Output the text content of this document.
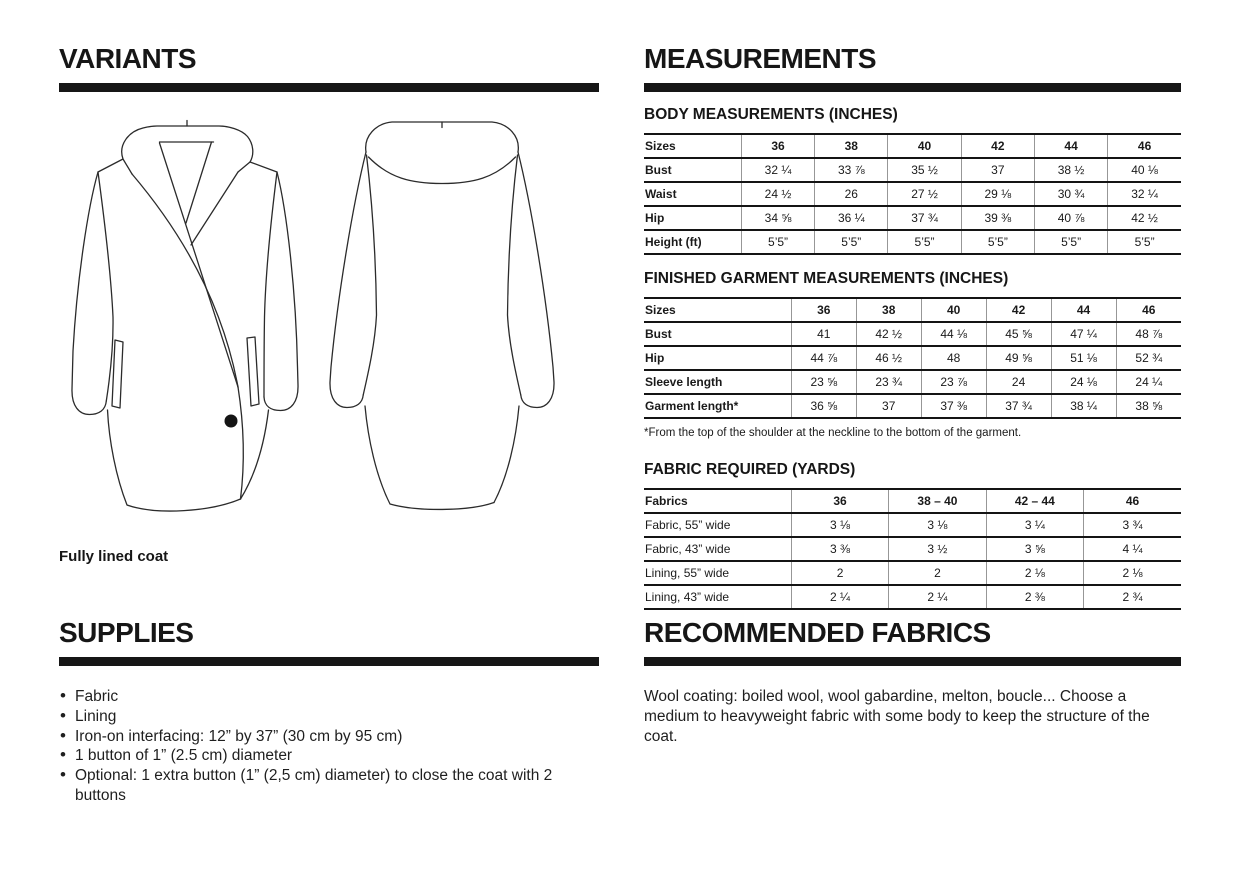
VARIANTS
Fully lined coat
MEASUREMENTS
BODY MEASUREMENTS (INCHES)
Sizes	36	38	40	42	44	46
Bust	32 ¼	33 ⅞	35 ½	37	38 ½	40 ⅛
Waist	24 ½	26	27 ½	29 ⅛	30 ¾	32 ¼
Hip	34 ⅝	36 ¼	37 ¾	39 ⅜	40 ⅞	42 ½
Height (ft)	5’5”	5’5”	5’5”	5’5”	5’5”	5’5”
FINISHED GARMENT MEASUREMENTS (INCHES)
Sizes	36	38	40	42	44	46
Bust	41	42 ½	44 ⅛	45 ⅝	47 ¼	48 ⅞
Hip	44 ⅞	46 ½	48	49 ⅝	51 ⅛	52 ¾
Sleeve length	23 ⅝	23 ¾	23 ⅞	24	24 ⅛	24 ¼
Garment length*	36 ⅝	37	37 ⅜	37 ¾	38 ¼	38 ⅝
*From the top of the shoulder at the neckline to the bottom of the garment.
FABRIC REQUIRED (YARDS)
Fabrics	36	38 – 40	42 – 44	46
Fabric, 55” wide	3 ⅛	3 ⅛	3 ¼	3 ¾
Fabric, 43” wide	3 ⅜	3 ½	3 ⅝	4 ¼
Lining, 55” wide	2	2	2 ⅛	2 ⅛
Lining, 43” wide	2 ¼	2 ¼	2 ⅜	2 ¾
SUPPLIES
• Fabric
• Lining
• Iron-on interfacing: 12” by 37” (30 cm by 95 cm)
• 1 button of 1” (2.5 cm) diameter
• Optional: 1 extra button (1” (2,5 cm) diameter) to close the coat with 2 buttons
RECOMMENDED FABRICS

Wool coating: boiled wool, wool gabardine, melton, boucle... Choose a medium to heavyweight fabric with some body to keep the structure of the coat.
